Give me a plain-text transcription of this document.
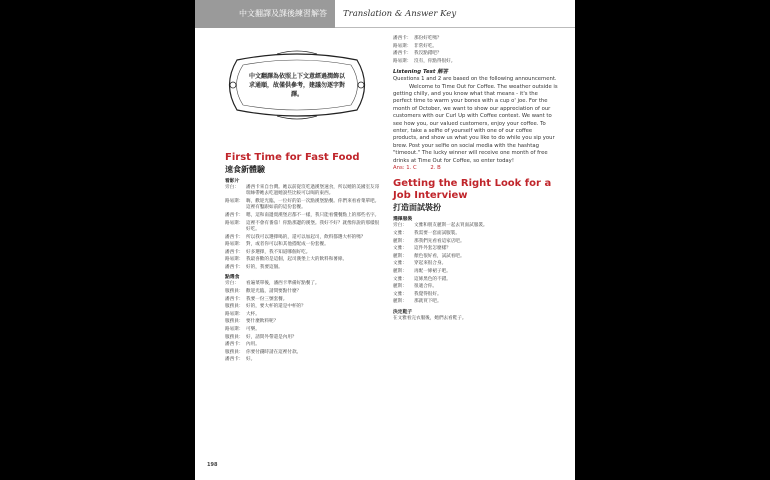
中文翻譯及課後練習解答	Translation & Answer Key
中文翻譯為依照上下文意經過潤飾以求通順，故僅供參考，建議勿逐字對譯。
First Time for Fast Food
速食新體驗
看影片
旁白：	潘西卡來自台灣。她以前從沒吃過漢堡速食，所以她的美國室友哥瑞絲帶她去吃過她說些比較可以喝的東西。
路易斯： 嗨，歡迎光臨，一位好的第一次點漢堡點餐。你們來看看菜單吧。這裡有鑿跟如前的這份套餐。
潘西卡： 嗯，這和南邊賣漢堡店都不一樣，我只能看懂餐點上的那些名字。
路易斯： 這裡不會有番茄！你點那邊的漢堡。我好不好？就像你說的那樣很好吃。
潘西卡： 所以我可以選擇喝的，還可以加起司，飲料都選大杯的嗎？
路易斯： 對，或者你可以和其他搭配成一份套餐。
潘西卡： 好多選擇，我不知道哪個好吃。
路易斯： 我最喜歡的是這個，起司漢堡上大的飲料和薯條。
潘西卡： 好的，我要這個。
點選食
旁白：	看遍菜單後，潘西卡準備好點餐了。
服務員： 歡迎光臨，請問要點什麼？
潘西卡： 我要一份三號套餐。
服務員： 好的，要大杯的還是中杯的？
路易斯： 大杯。
服務員： 要什麼飲料呢？
路易斯： 可樂。
服務員： 好，請問外帶還是內用？
潘西卡： 內用。
服務員： 你要付錢時請在這裡付款。
潘西卡： 好。
潘西卡： 那份好吃嗎？
路易斯： 非常好吃。
潘西卡： 我沒點錯吧？
路易斯： 沒有，你點得很好。
Listening Test 解答
Questions 1 and 2 are based on the following announcement.
Welcome to Time Out for Coffee. The weather outside is getting chilly, and you know what that means - it's the perfect time to warm your bones with a cup o' joe. For the month of October, we want to show our appreciation of our customers with our Curl Up with Coffee contest. We want to see how you, our valued customers, enjoy your coffee. To enter, take a selfie of yourself with one of our coffee products, and show us what you like to do while you sip your brew. Post your selfie on social media with the hashtag "timeout." The lucky winner will receive one month of free drinks at Time Out for Coffee, so enter today!
Ans: 1. C	2. B
Getting the Right Look for a Job Interview
打造面試裝扮
選擇服裝
旁白：	文雅和朋友麗斯一起去買面試服裝。
文雅：	我需要一套面試服裝。
麗斯：	那我們先看看這家店吧。
文雅：	這件外套怎麼樣？
麗斯：	顏色很好看，試試看吧。
文雅：	穿起來很合身。
麗斯：	再配一條裙子吧。
文雅：	這條黑色的不錯。
麗斯：	很適合你。
文雅：	我覺得很好。
麗斯：	那就買下吧。
決定鞋子
在文雅看完衣服後，她們去看鞋子。
198
